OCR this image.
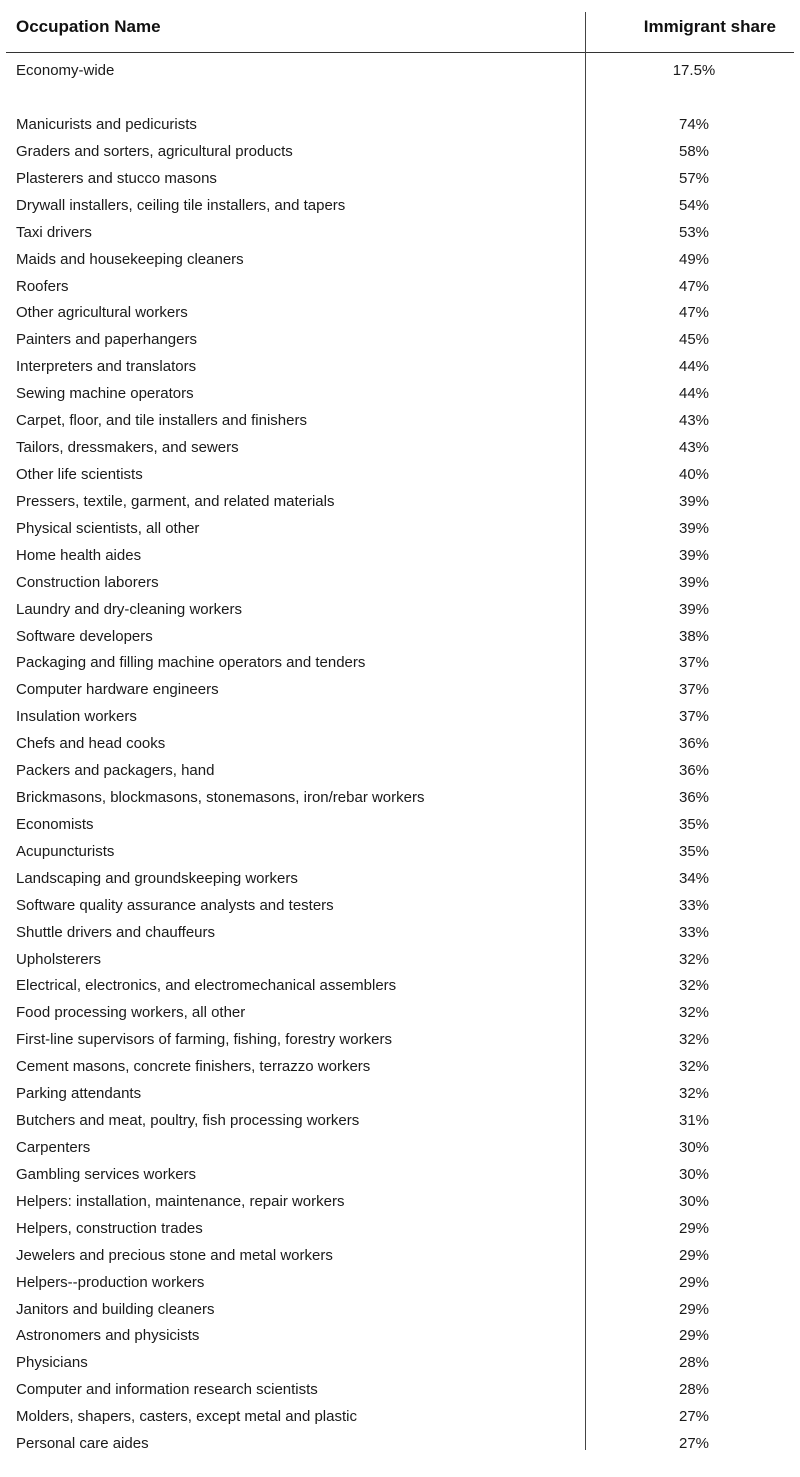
Occupation Name	Immigrant share
Economy-wide	17.5%
Manicurists and pedicurists	74%
Graders and sorters, agricultural products	58%
Plasterers and stucco masons	57%
Drywall installers, ceiling tile installers, and tapers	54%
Taxi drivers	53%
Maids and housekeeping cleaners	49%
Roofers	47%
Other agricultural workers	47%
Painters and paperhangers	45%
Interpreters and translators	44%
Sewing machine operators	44%
Carpet, floor, and tile installers and finishers	43%
Tailors, dressmakers, and sewers	43%
Other life scientists	40%
Pressers, textile, garment, and related materials	39%
Physical scientists, all other	39%
Home health aides	39%
Construction laborers	39%
Laundry and dry-cleaning workers	39%
Software developers	38%
Packaging and filling machine operators and tenders	37%
Computer hardware engineers	37%
Insulation workers	37%
Chefs and head cooks	36%
Packers and packagers, hand	36%
Brickmasons, blockmasons, stonemasons, iron/rebar workers	36%
Economists	35%
Acupuncturists	35%
Landscaping and groundskeeping workers	34%
Software quality assurance analysts and testers	33%
Shuttle drivers and chauffeurs	33%
Upholsterers	32%
Electrical, electronics, and electromechanical assemblers	32%
Food processing workers, all other	32%
First-line supervisors of farming, fishing, forestry workers	32%
Cement masons, concrete finishers, terrazzo workers	32%
Parking attendants	32%
Butchers and meat, poultry, fish processing workers	31%
Carpenters	30%
Gambling services workers	30%
Helpers: installation, maintenance, repair workers	30%
Helpers, construction trades	29%
Jewelers and precious stone and metal workers	29%
Helpers--production workers	29%
Janitors and building cleaners	29%
Astronomers and physicists	29%
Physicians	28%
Computer and information research scientists	28%
Molders, shapers, casters, except metal and plastic	27%
Personal care aides	27%
